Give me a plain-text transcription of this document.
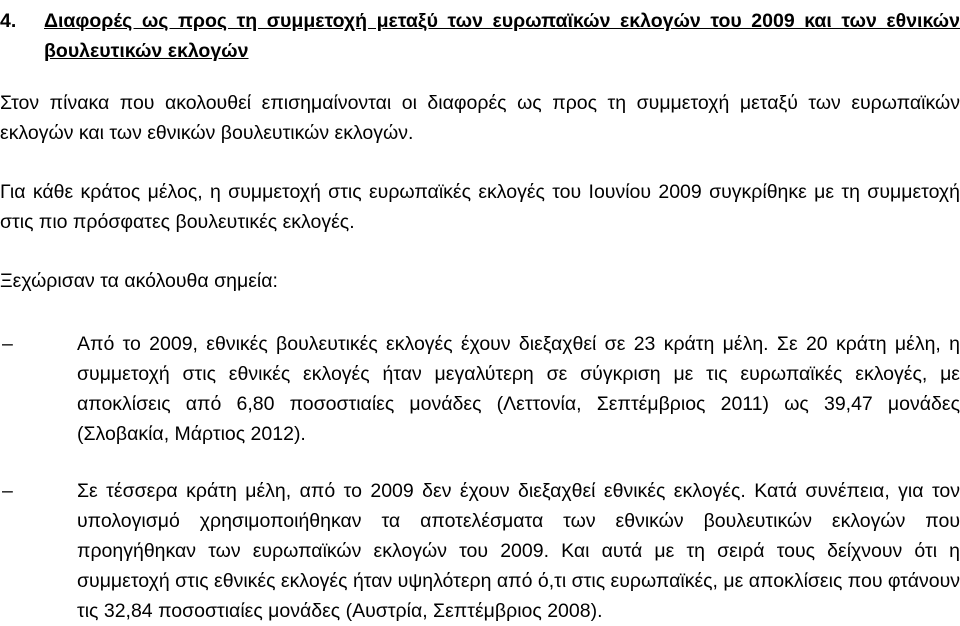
4.	Διαφορές ως προς τη συμμετοχή μεταξύ των ευρωπαϊκών εκλογών του 2009 και των εθνικών βουλευτικών εκλογών
Στον πίνακα που ακολουθεί επισημαίνονται οι διαφορές ως προς τη συμμετοχή μεταξύ των ευρωπαϊκών εκλογών και των εθνικών βουλευτικών εκλογών.
Για κάθε κράτος μέλος, η συμμετοχή στις ευρωπαϊκές εκλογές του Ιουνίου 2009 συγκρίθηκε με τη συμμετοχή στις πιο πρόσφατες βουλευτικές εκλογές.
Ξεχώρισαν τα ακόλουθα σημεία:
–	Από το 2009, εθνικές βουλευτικές εκλογές έχουν διεξαχθεί σε 23 κράτη μέλη. Σε 20 κράτη μέλη, η συμμετοχή στις εθνικές εκλογές ήταν μεγαλύτερη σε σύγκριση με τις ευρωπαϊκές εκλογές, με αποκλίσεις από 6,80 ποσοστιαίες μονάδες (Λεττονία, Σεπτέμβριος 2011) ως 39,47 μονάδες (Σλοβακία, Μάρτιος 2012).
–	Σε τέσσερα κράτη μέλη, από το 2009 δεν έχουν διεξαχθεί εθνικές εκλογές. Κατά συνέπεια, για τον υπολογισμό χρησιμοποιήθηκαν τα αποτελέσματα των εθνικών βουλευτικών εκλογών που προηγήθηκαν των ευρωπαϊκών εκλογών του 2009. Και αυτά με τη σειρά τους δείχνουν ότι η συμμετοχή στις εθνικές εκλογές ήταν υψηλότερη από ό,τι στις ευρωπαϊκές, με αποκλίσεις που φτάνουν τις 32,84 ποσοστιαίες μονάδες (Αυστρία, Σεπτέμβριος 2008).
